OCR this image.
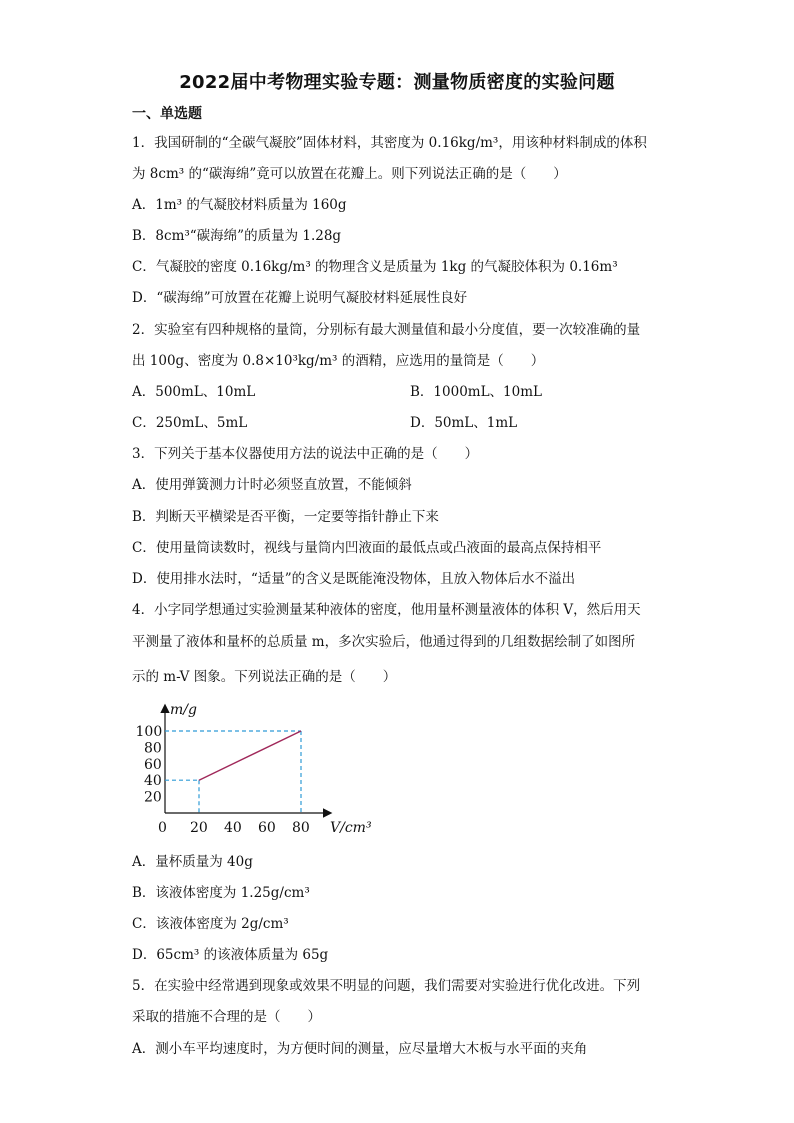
2022届中考物理实验专题：测量物质密度的实验问题
一、单选题
1．我国研制的“全碳气凝胶”固体材料，其密度为 0.16kg/m³，用该种材料制成的体积
为 8cm³ 的“碳海绵”竟可以放置在花瓣上。则下列说法正确的是（　　）
A．1m³ 的气凝胶材料质量为 160g
B．8cm³“碳海绵”的质量为 1.28g
C．气凝胶的密度 0.16kg/m³ 的物理含义是质量为 1kg 的气凝胶体积为 0.16m³
D．“碳海绵”可放置在花瓣上说明气凝胶材料延展性良好
2．实验室有四种规格的量筒，分别标有最大测量值和最小分度值，要一次较准确的量
出 100g、密度为 0.8×10³kg/m³ 的酒精，应选用的量筒是（　　）
A．500mL、10mL	B．1000mL、10mL
C．250mL、5mL	D．50mL、1mL
3．下列关于基本仪器使用方法的说法中正确的是（　　）
A．使用弹簧测力计时必须竖直放置，不能倾斜
B．判断天平横梁是否平衡，一定要等指针静止下来
C．使用量筒读数时，视线与量筒内凹液面的最低点或凸液面的最高点保持相平
D．使用排水法时，“适量”的含义是既能淹没物体，且放入物体后水不溢出
4．小字同学想通过实验测量某种液体的密度，他用量杯测量液体的体积 V，然后用天
平测量了液体和量杯的总质量 m，多次实验后，他通过得到的几组数据绘制了如图所
示的 m-V 图象。下列说法正确的是（　　）
m/g
V/cm³
0 20 40 60 80
20
40
60
80
100
A．量杯质量为 40g
B．该液体密度为 1.25g/cm³
C．该液体密度为 2g/cm³
D．65cm³ 的该液体质量为 65g
5．在实验中经常遇到现象或效果不明显的问题，我们需要对实验进行优化改进。下列
采取的措施不合理的是（　　）
A．测小车平均速度时，为方便时间的测量，应尽量增大木板与水平面的夹角
